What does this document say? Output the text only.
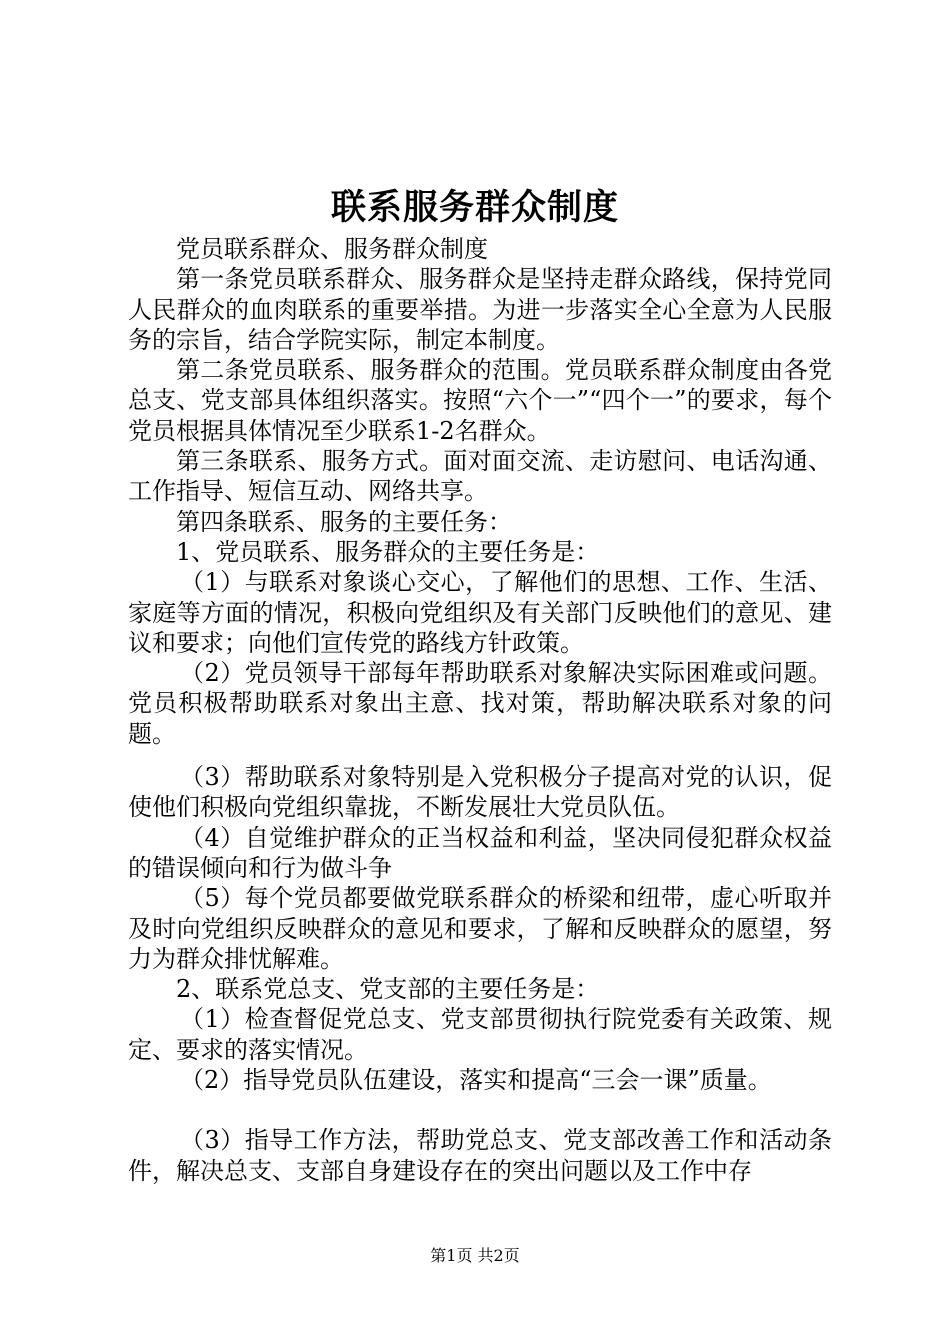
联系服务群众制度

党员联系群众、服务群众制度

第一条党员联系群众、服务群众是坚持走群众路线，保持党同人民群众的血肉联系的重要举措。为进一步落实全心全意为人民服务的宗旨，结合学院实际，制定本制度。

第二条党员联系、服务群众的范围。党员联系群众制度由各党总支、党支部具体组织落实。按照“六个一”“四个一”的要求，每个党员根据具体情况至少联系1-2名群众。

第三条联系、服务方式。面对面交流、走访慰问、电话沟通、工作指导、短信互动、网络共享。

第四条联系、服务的主要任务：

1、党员联系、服务群众的主要任务是：

（1）与联系对象谈心交心，了解他们的思想、工作、生活、家庭等方面的情况，积极向党组织及有关部门反映他们的意见、建议和要求；向他们宣传党的路线方针政策。

（2）党员领导干部每年帮助联系对象解决实际困难或问题。党员积极帮助联系对象出主意、找对策，帮助解决联系对象的问题。

（3）帮助联系对象特别是入党积极分子提高对党的认识，促使他们积极向党组织靠拢，不断发展壮大党员队伍。

（4）自觉维护群众的正当权益和利益，坚决同侵犯群众权益的错误倾向和行为做斗争

（5）每个党员都要做党联系群众的桥梁和纽带，虚心听取并及时向党组织反映群众的意见和要求，了解和反映群众的愿望，努力为群众排忧解难。

2、联系党总支、党支部的主要任务是：

（1）检查督促党总支、党支部贯彻执行院党委有关政策、规定、要求的落实情况。

（2）指导党员队伍建设，落实和提高“三会一课”质量。

（3）指导工作方法，帮助党总支、党支部改善工作和活动条件，解决总支、支部自身建设存在的突出问题以及工作中存

第1页 共2页
